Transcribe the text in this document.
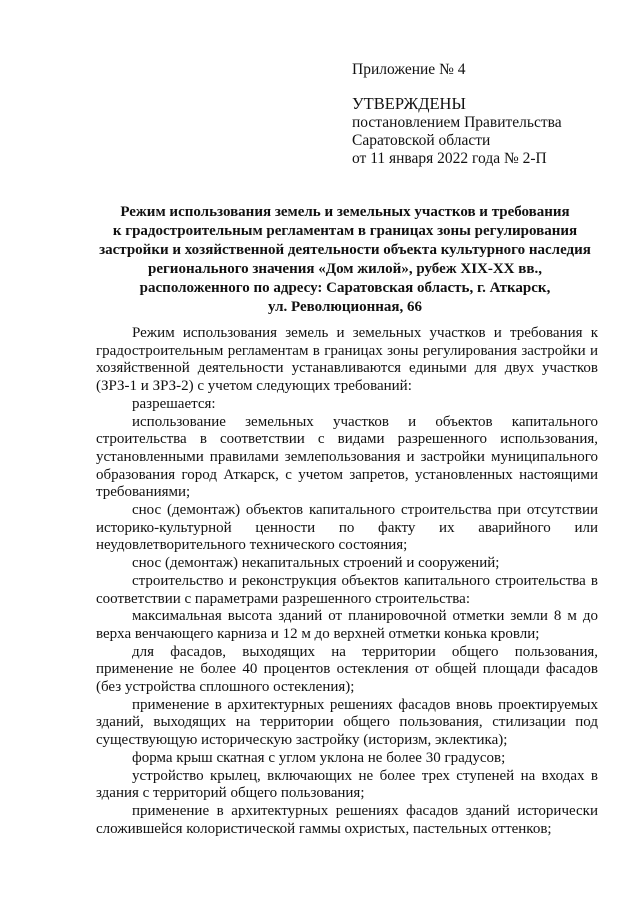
Приложение № 4
УТВЕРЖДЕНЫ
постановлением Правительства
Саратовской области
от 11 января 2022 года № 2-П
Режим использования земель и земельных участков и требования
к градостроительным регламентам в границах зоны регулирования
застройки и хозяйственной деятельности объекта культурного наследия
регионального значения «Дом жилой», рубеж XIX-XX вв.,
расположенного по адресу: Саратовская область, г. Аткарск,
ул. Революционная, 66

Режим использования земель и земельных участков и требования к градостроительным регламентам в границах зоны регулирования застройки и хозяйственной деятельности устанавливаются едиными для двух участков (ЗРЗ-1 и ЗРЗ-2) с учетом следующих требований:

разрешается:

использование земельных участков и объектов капитального строительства в соответствии с видами разрешенного использования, установленными правилами землепользования и застройки муниципального образования город Аткарск, с учетом запретов, установленных настоящими требованиями;

снос (демонтаж) объектов капитального строительства при отсутствии историко-культурной ценности по факту их аварийного или неудовлетворительного технического состояния;

снос (демонтаж) некапитальных строений и сооружений;

строительство и реконструкция объектов капитального строительства в соответствии с параметрами разрешенного строительства:

максимальная высота зданий от планировочной отметки земли 8 м до верха венчающего карниза и 12 м до верхней отметки конька кровли;

для фасадов, выходящих на территории общего пользования, применение не более 40 процентов остекления от общей площади фасадов (без устройства сплошного остекления);

применение в архитектурных решениях фасадов вновь проектируемых зданий, выходящих на территории общего пользования, стилизации под существующую историческую застройку (историзм, эклектика);

форма крыш скатная с углом уклона не более 30 градусов;

устройство крылец, включающих не более трех ступеней на входах в здания с территорий общего пользования;

применение в архитектурных решениях фасадов зданий исторически сложившейся колористической гаммы охристых, пастельных оттенков;
